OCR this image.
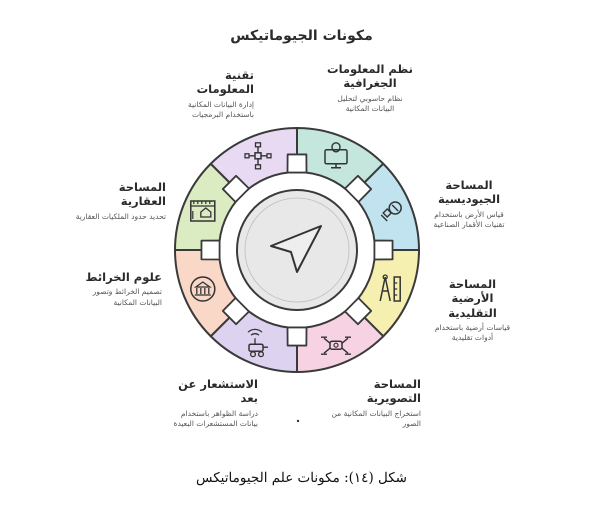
مكونات الجيوماتيكس
نظم المعلومات الجغرافية
نظام حاسوبي لتحليل البيانات المكانية
المساحة الجيوديسية
قياس الأرض باستخدام تقنيات الأقمار الصناعية
المساحة الأرضية التقليدية
قياسات أرضية باستخدام أدوات تقليدية
المساحة التصويرية
استخراج البيانات المكانية من الصور
الاستشعار عن بعد
دراسة الظواهر باستخدام بيانات المستشعرات البعيدة
علوم الخرائط
تصميم الخرائط وتصور البيانات المكانية
المساحة العقارية
تحديد حدود الملكيات العقارية
تقنية المعلومات
إدارة البيانات المكانية باستخدام البرمجيات
شكل (١٤): مكونات علم الجيوماتيكس
